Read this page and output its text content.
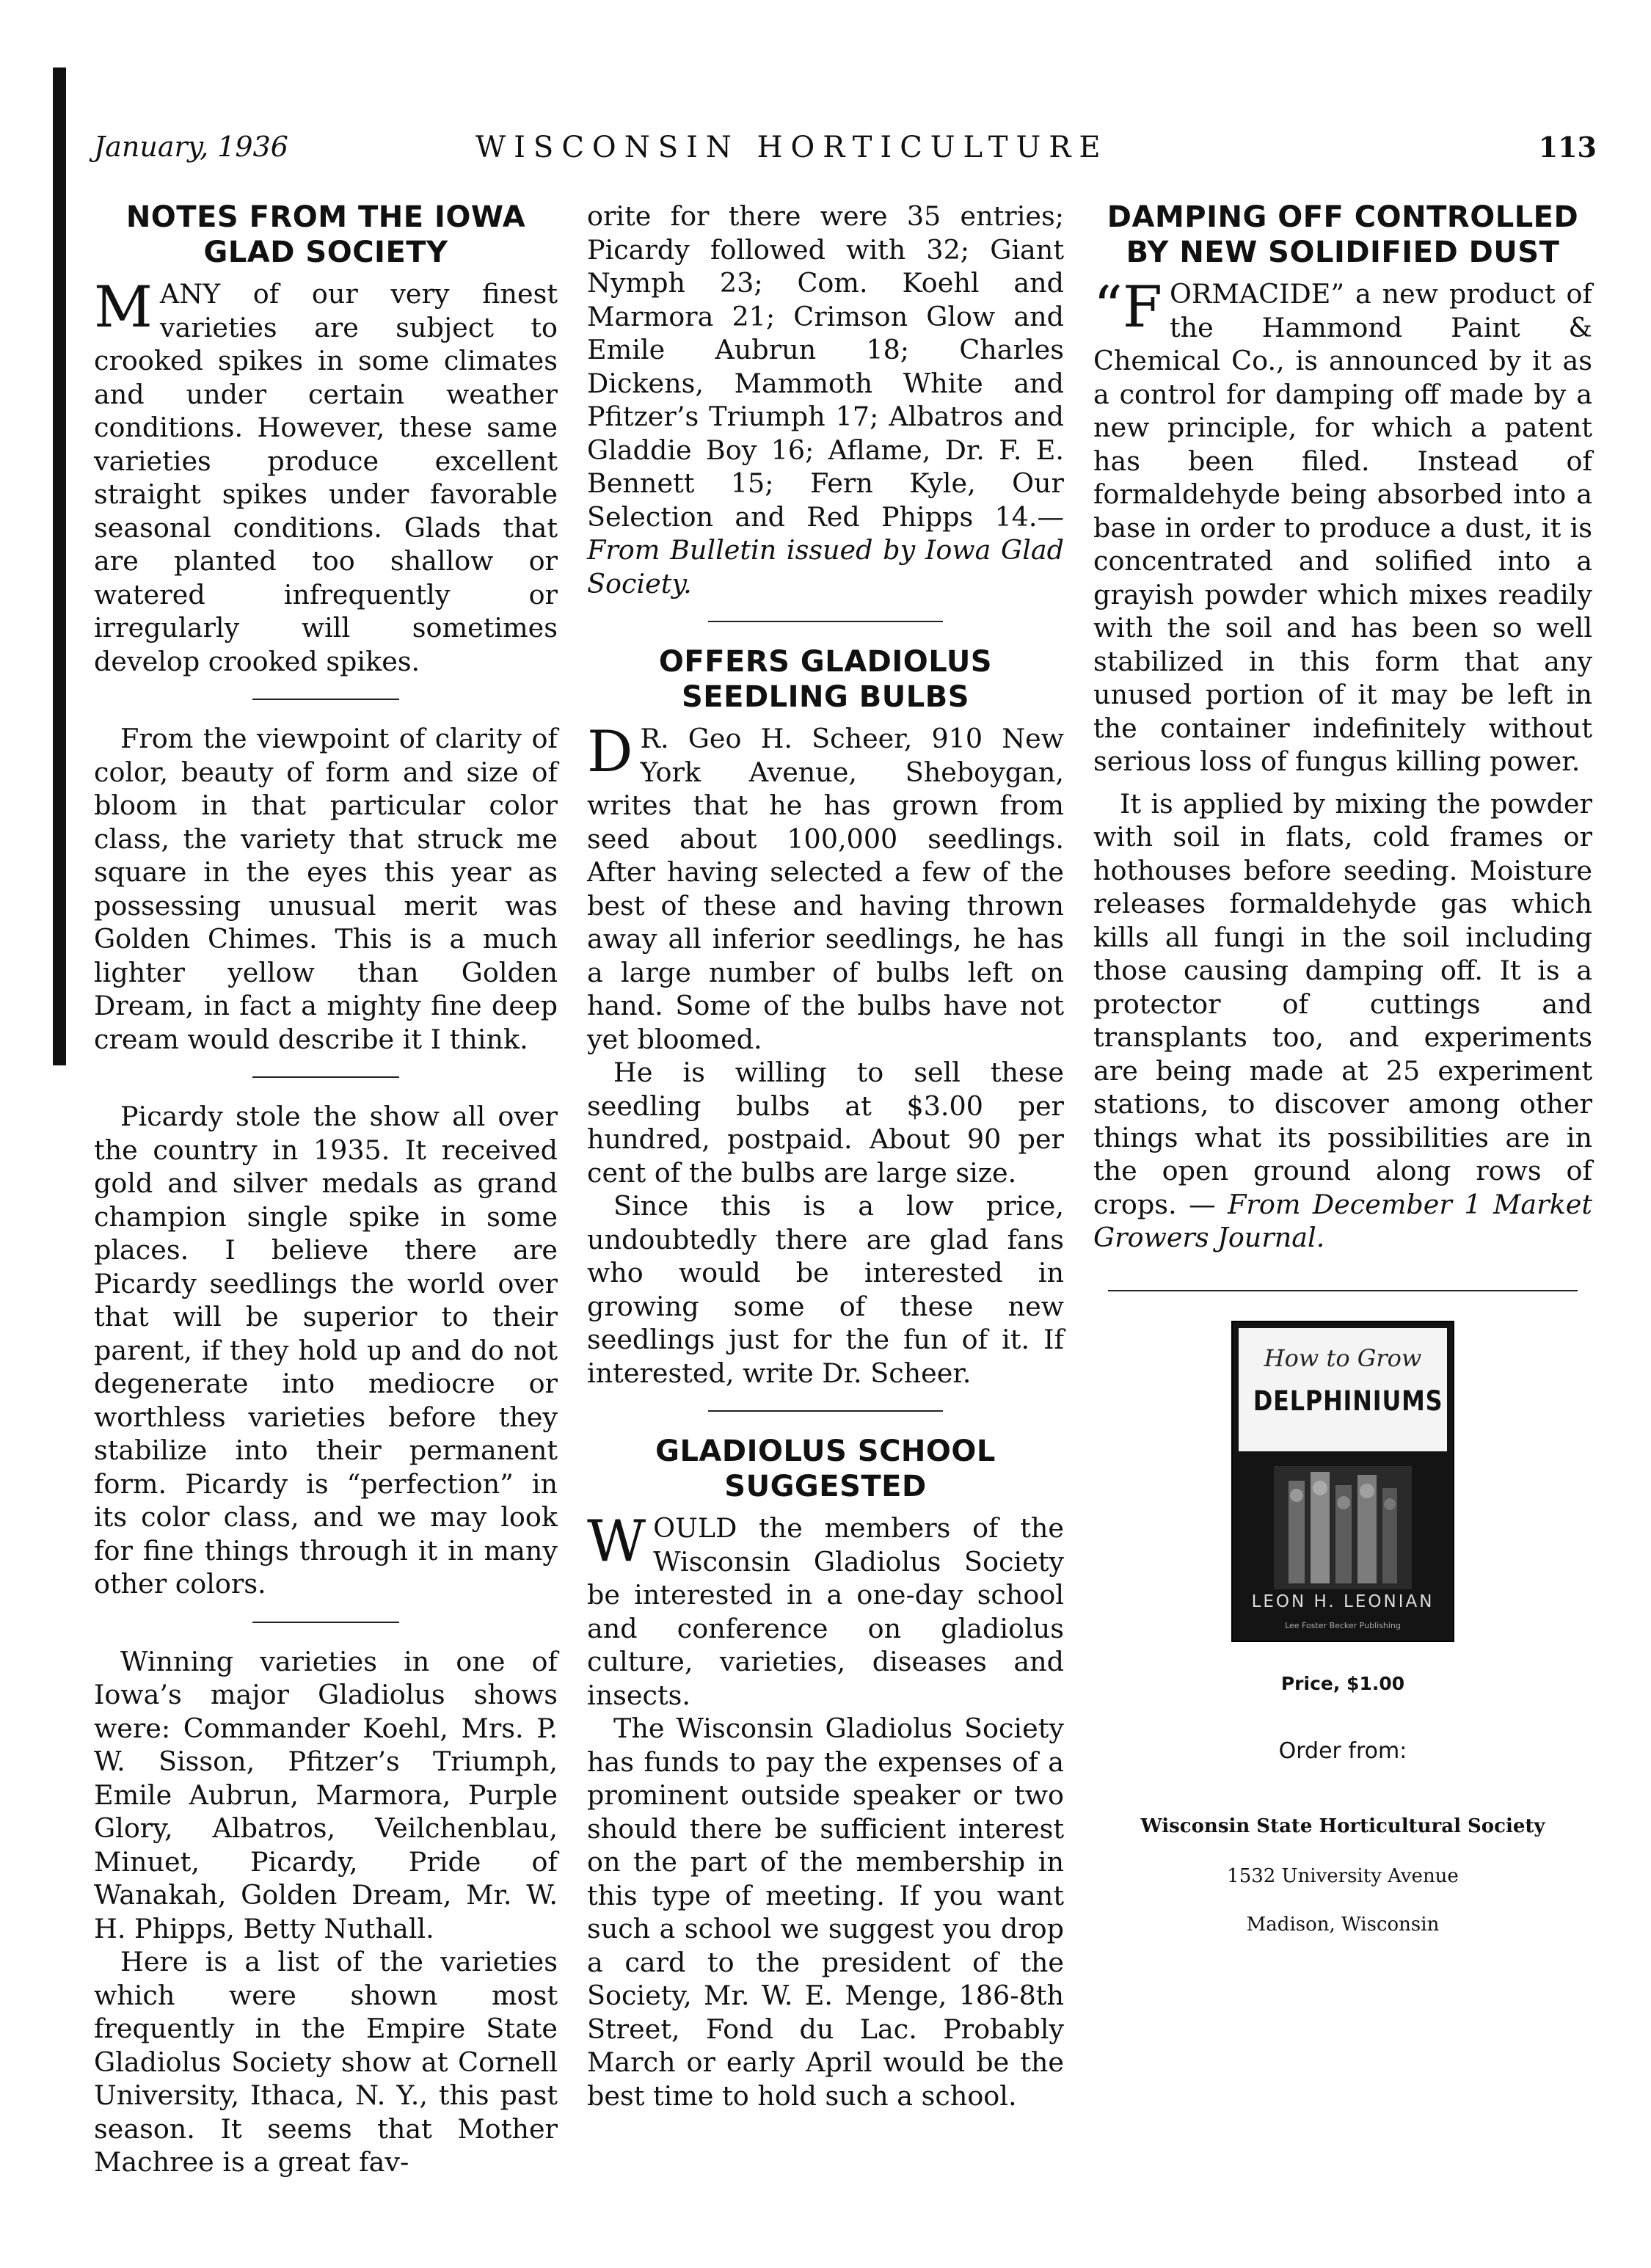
January, 1936	WISCONSIN HORTICULTURE	113
NOTES FROM THE IOWA GLAD SOCIETY

MANY of our very finest varieties are subject to crooked spikes in some climates and under certain weather conditions. However, these same varieties produce excellent straight spikes under favorable seasonal conditions. Glads that are planted too shallow or watered infrequently or irregularly will sometimes develop crooked spikes.

From the viewpoint of clarity of color, beauty of form and size of bloom in that particular color class, the variety that struck me square in the eyes this year as possessing unusual merit was Golden Chimes. This is a much lighter yellow than Golden Dream, in fact a mighty fine deep cream would describe it I think.

Picardy stole the show all over the country in 1935. It received gold and silver medals as grand champion single spike in some places. I believe there are Picardy seedlings the world over that will be superior to their parent, if they hold up and do not degenerate into mediocre or worthless varieties before they stabilize into their permanent form. Picardy is “perfection” in its color class, and we may look for fine things through it in many other colors.

Winning varieties in one of Iowa’s major Gladiolus shows were: Commander Koehl, Mrs. P. W. Sisson, Pfitzer’s Triumph, Emile Aubrun, Marmora, Purple Glory, Albatros, Veilchenblau, Minuet, Picardy, Pride of Wanakah, Golden Dream, Mr. W. H. Phipps, Betty Nuthall.

Here is a list of the varieties which were shown most frequently in the Empire State Gladiolus Society show at Cornell University, Ithaca, N. Y., this past season. It seems that Mother Machree is a great fav-

orite for there were 35 entries; Picardy followed with 32; Giant Nymph 23; Com. Koehl and Marmora 21; Crimson Glow and Emile Aubrun 18; Charles Dickens, Mammoth White and Pfitzer’s Triumph 17; Albatros and Gladdie Boy 16; Aflame, Dr. F. E. Bennett 15; Fern Kyle, Our Selection and Red Phipps 14.—From Bulletin issued by Iowa Glad Society.

OFFERS GLADIOLUS SEEDLING BULBS

D R. Geo H. Scheer, 910 New York Avenue, Sheboygan, writes that he has grown from seed about 100,000 seedlings. After having selected a few of the best of these and having thrown away all inferior seedlings, he has a large number of bulbs left on hand. Some of the bulbs have not yet bloomed.

He is willing to sell these seedling bulbs at $3.00 per hundred, postpaid. About 90 per cent of the bulbs are large size.

Since this is a low price, undoubtedly there are glad fans who would be interested in growing some of these new seedlings just for the fun of it. If interested, write Dr. Scheer.

GLADIOLUS SCHOOL SUGGESTED

WOULD the members of the Wisconsin Gladiolus Society be interested in a one-day school and conference on gladiolus culture, varieties, diseases and insects.

The Wisconsin Gladiolus Society has funds to pay the expenses of a prominent outside speaker or two should there be sufficient interest on the part of the membership in this type of meeting. If you want such a school we suggest you drop a card to the president of the Society, Mr. W. E. Menge, 186-8th Street, Fond du Lac. Probably March or early April would be the best time to hold such a school.

DAMPING OFF CONTROLLED BY NEW SOLIDIFIED DUST

“FORMACIDE” a new product of the Hammond Paint & Chemical Co., is announced by it as a control for damping off made by a new principle, for which a patent has been filed. Instead of formaldehyde being absorbed into a base in order to produce a dust, it is concentrated and solified into a grayish powder which mixes readily with the soil and has been so well stabilized in this form that any unused portion of it may be left in the container indefinitely without serious loss of fungus killing power.

It is applied by mixing the powder with soil in flats, cold frames or hothouses before seeding. Moisture releases formaldehyde gas which kills all fungi in the soil including those causing damping off. It is a protector of cuttings and transplants too, and experiments are being made at 25 experiment stations, to discover among other things what its possibilities are in the open ground along rows of crops. — From December 1 Market Growers Journal.

How to Grow
DELPHINIUMS
LEON H. LEONIAN
Lee Foster Becker Publishing
Price, $1.00
Order from:
Wisconsin State Horticultural Society
1532 University Avenue
Madison, Wisconsin
